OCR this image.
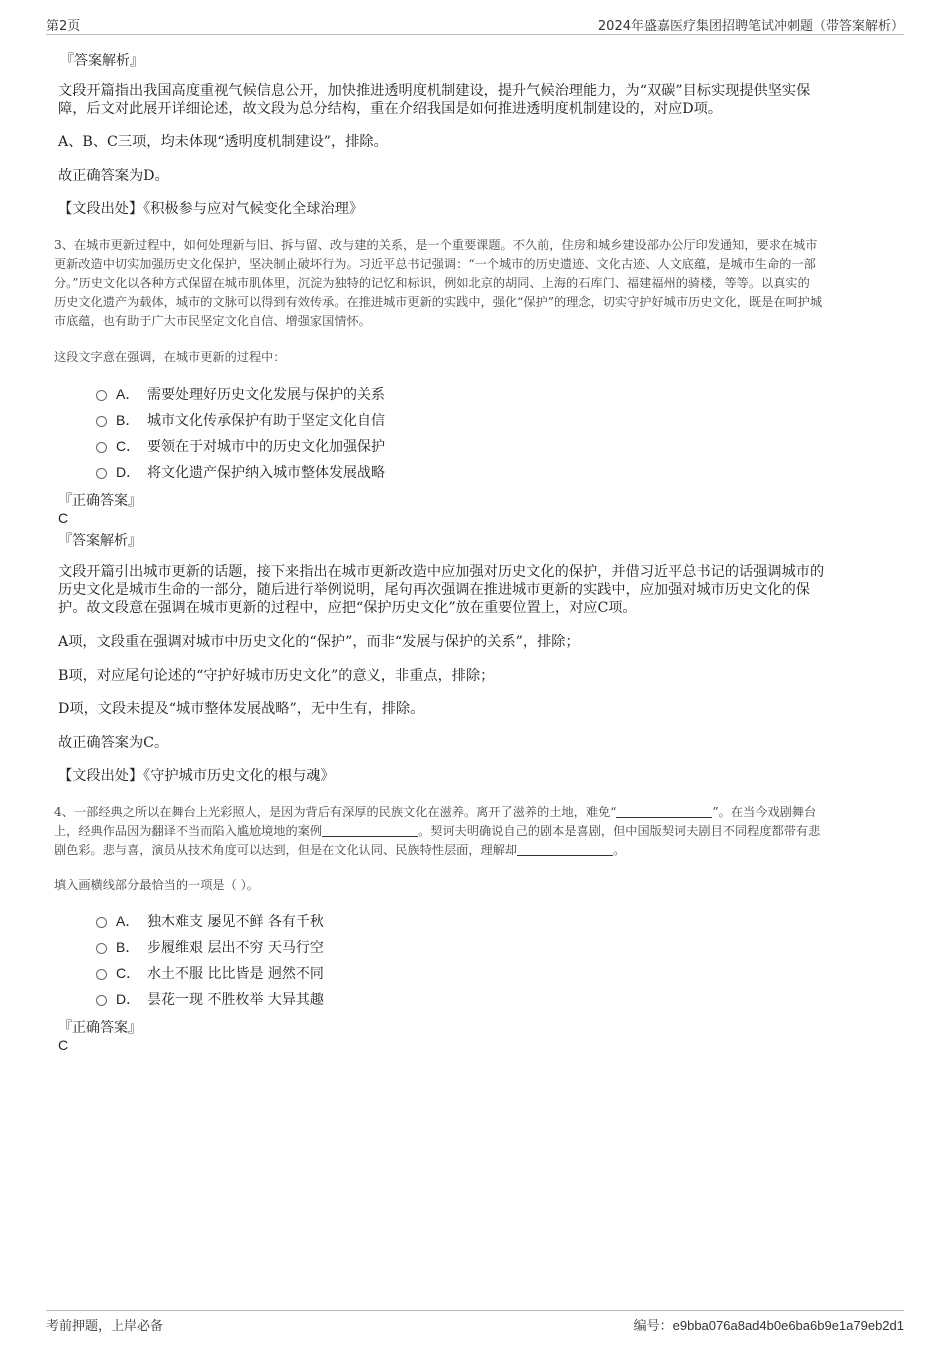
第2页	2024年盛嘉医疗集团招聘笔试冲刺题（带答案解析）

『答案解析』

文段开篇指出我国高度重视气候信息公开，加快推进透明度机制建设，提升气候治理能力，为“双碳”目标实现提供坚实保

障，后文对此展开详细论述，故文段为总分结构，重在介绍我国是如何推进透明度机制建设的，对应D项。

A、B、C三项，均未体现“透明度机制建设”，排除。

故正确答案为D。

【文段出处】《积极参与应对气候变化全球治理》

3、在城市更新过程中，如何处理新与旧、拆与留、改与建的关系，是一个重要课题。不久前，住房和城乡建设部办公厅印发通知，要求在城市

更新改造中切实加强历史文化保护，坚决制止破坏行为。习近平总书记强调：“一个城市的历史遗迹、文化古迹、人文底蕴，是城市生命的一部

分。”历史文化以各种方式保留在城市肌体里，沉淀为独特的记忆和标识，例如北京的胡同、上海的石库门、福建福州的骑楼，等等。以真实的

历史文化遗产为载体，城市的文脉可以得到有效传承。在推进城市更新的实践中，强化“保护”的理念，切实守护好城市历史文化，既是在呵护城

市底蕴，也有助于广大市民坚定文化自信、增强家国情怀。

这段文字意在强调，在城市更新的过程中：

A． 需要处理好历史文化发展与保护的关系
B． 城市文化传承保护有助于坚定文化自信
C． 要领在于对城市中的历史文化加强保护
D． 将文化遗产保护纳入城市整体发展战略

『正确答案』

C

『答案解析』

文段开篇引出城市更新的话题，接下来指出在城市更新改造中应加强对历史文化的保护，并借习近平总书记的话强调城市的

历史文化是城市生命的一部分，随后进行举例说明，尾句再次强调在推进城市更新的实践中，应加强对城市历史文化的保

护。故文段意在强调在城市更新的过程中，应把“保护历史文化”放在重要位置上，对应C项。

A项，文段重在强调对城市中历史文化的“保护”，而非“发展与保护的关系”，排除；

B项，对应尾句论述的“守护好城市历史文化”的意义，非重点，排除；

D项，文段未提及“城市整体发展战略”，无中生有，排除。

故正确答案为C。

【文段出处】《守护城市历史文化的根与魂》

4、一部经典之所以在舞台上光彩照人，是因为背后有深厚的民族文化在滋养。离开了滋养的土地，难免“	”。在当今戏剧舞台

上，经典作品因为翻译不当而陷入尴尬境地的案例	。契诃夫明确说自己的剧本是喜剧，但中国版契诃夫剧目不同程度都带有悲

剧色彩。悲与喜，演员从技术角度可以达到，但是在文化认同、民族特性层面，理解却	。

填入画横线部分最恰当的一项是（ ）。

A． 独木难支 屡见不鲜 各有千秋
B． 步履维艰 层出不穷 天马行空
C． 水土不服 比比皆是 迥然不同
D． 昙花一现 不胜枚举 大异其趣

『正确答案』

C

考前押题，上岸必备	编号：e9bba076a8ad4b0e6ba6b9e1a79eb2d1
